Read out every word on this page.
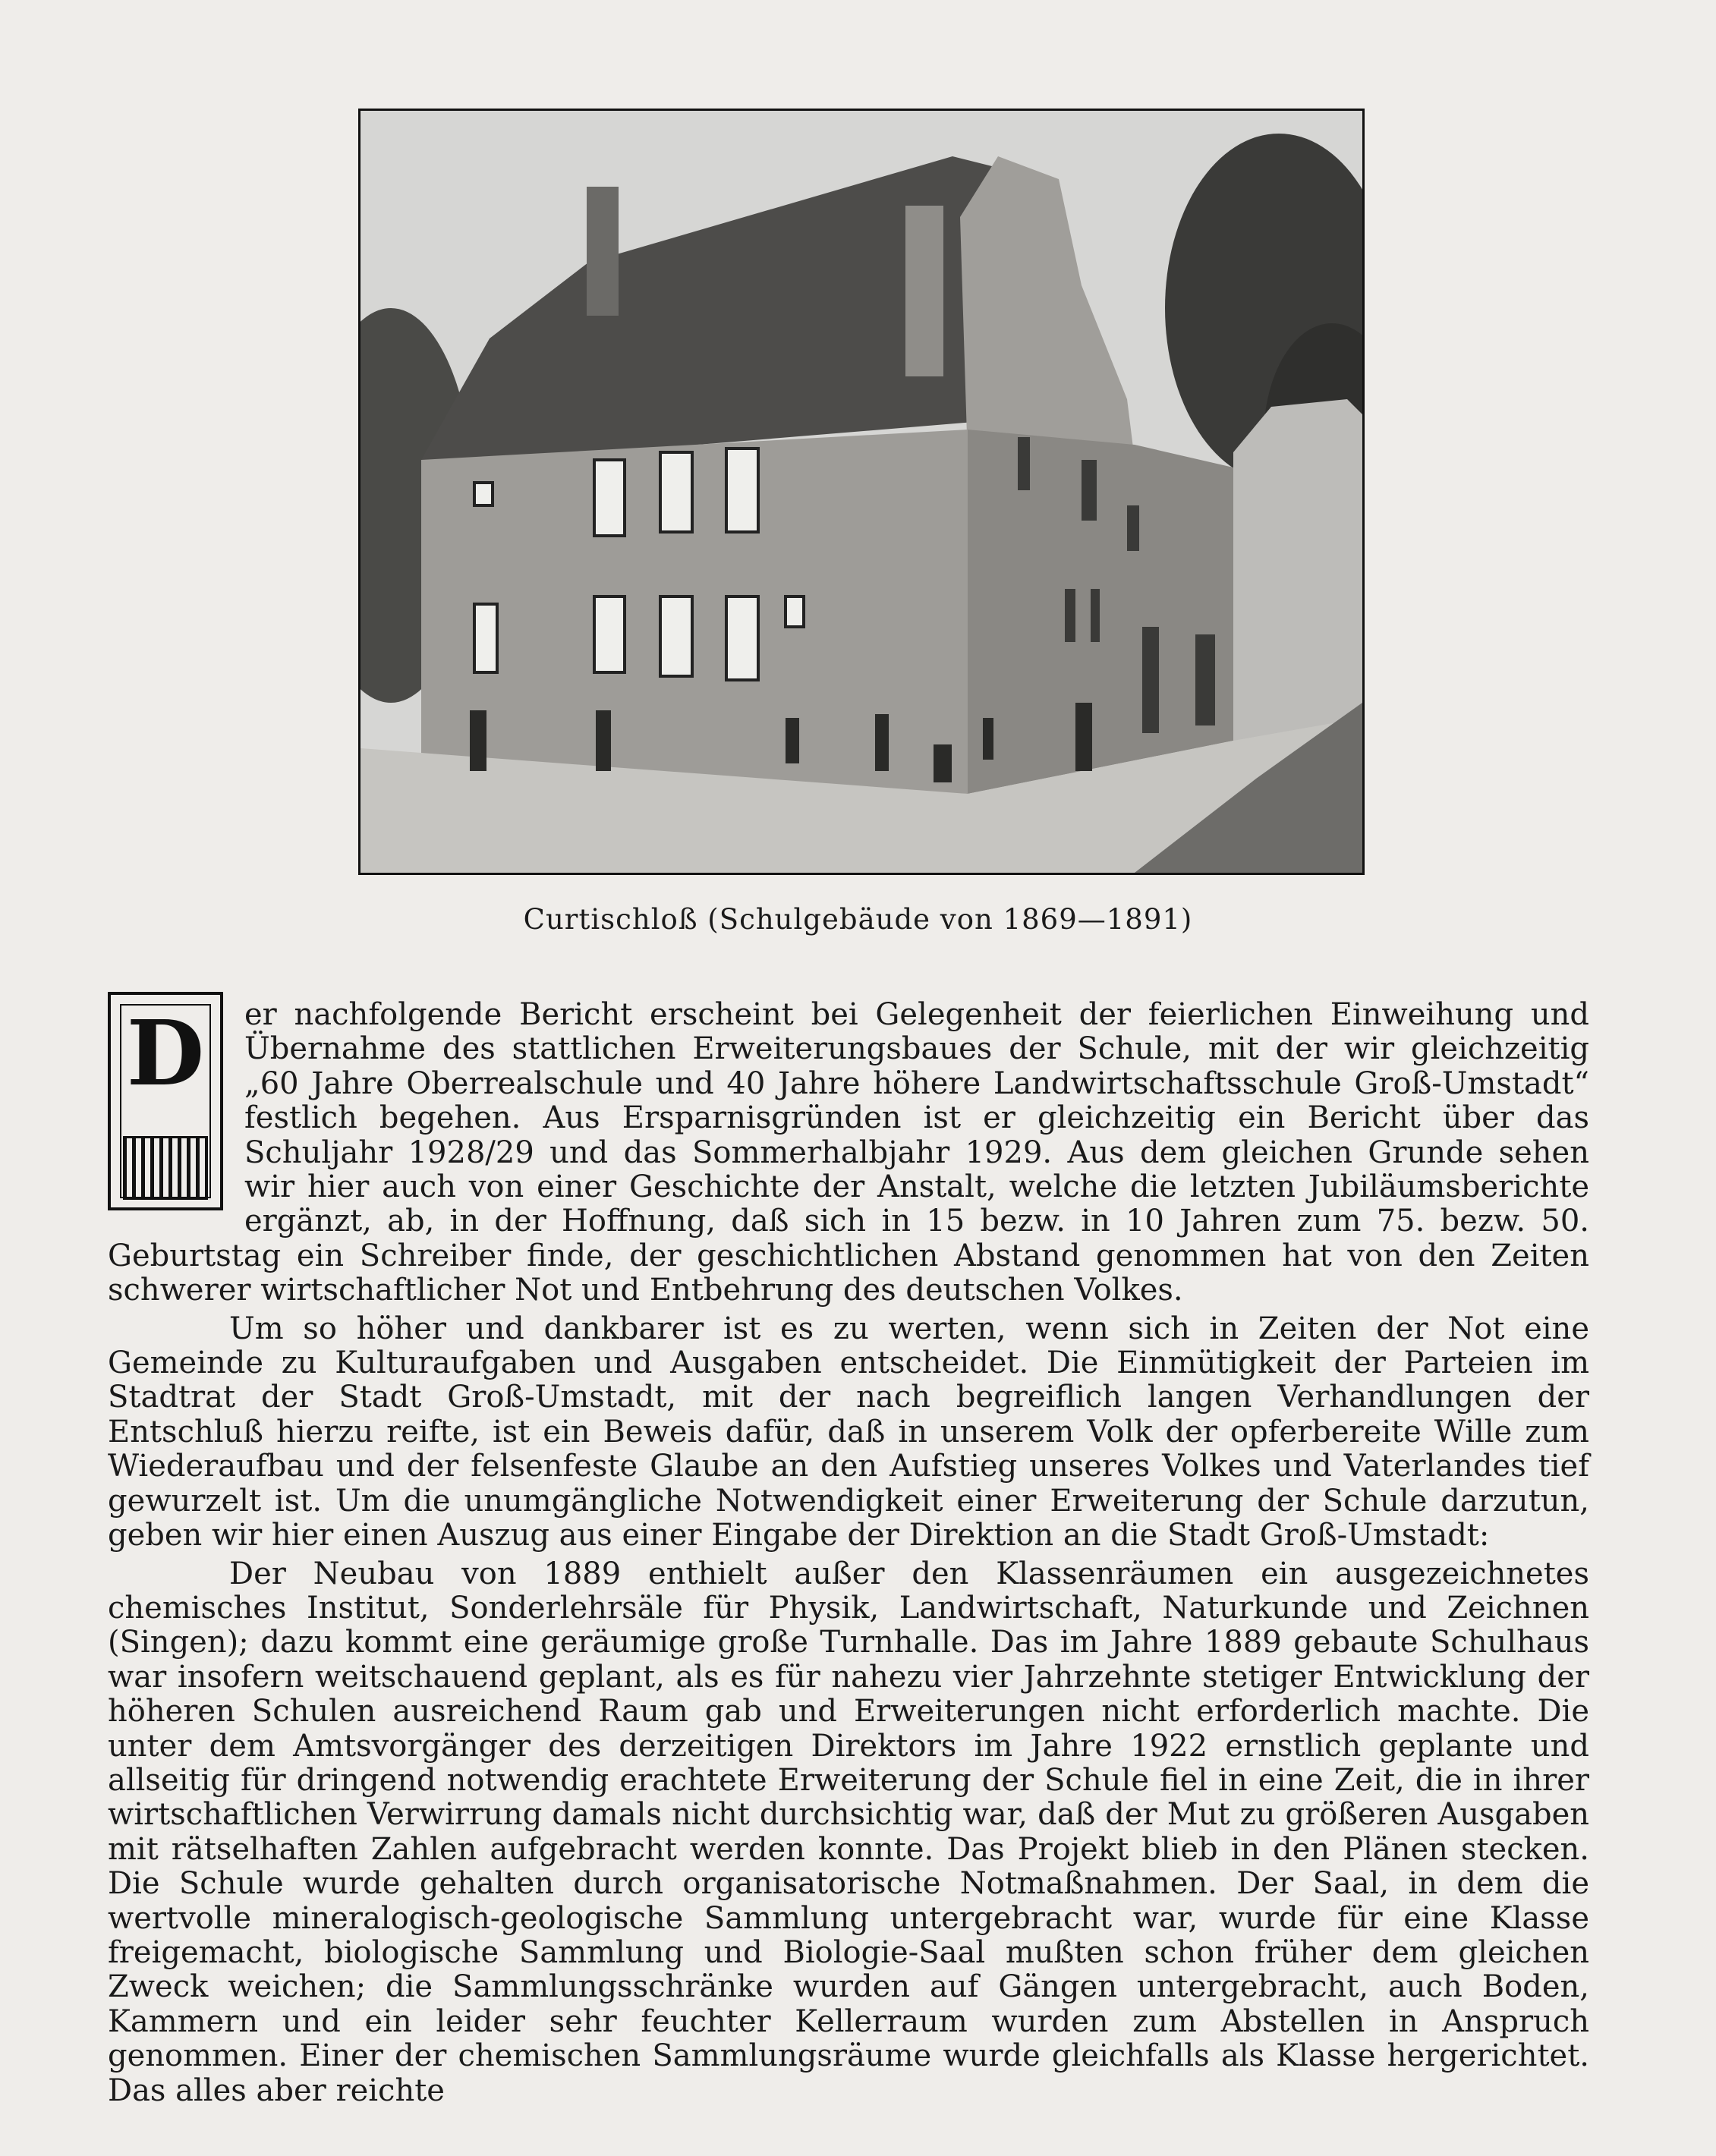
Curtischloß (Schulgebäude von 1869—1891)
D	er nachfolgende Bericht erscheint bei Gelegenheit der feierlichen Einweihung und Übernahme des stattlichen Erweiterungsbaues der Schule, mit der wir gleichzeitig „60 Jahre Oberrealschule und 40 Jahre höhere Landwirtschaftsschule Groß-Umstadt“ festlich begehen. Aus Ersparnisgründen ist er gleichzeitig ein Bericht über das Schuljahr 1928/29 und das Sommerhalbjahr 1929. Aus dem gleichen Grunde sehen wir hier auch von einer Geschichte der Anstalt, welche die letzten Jubiläumsberichte ergänzt, ab, in der Hoffnung, daß sich in 15 bezw. in 10 Jahren zum 75. bezw. 50. Geburtstag ein Schreiber finde, der geschichtlichen Abstand genommen hat von den Zeiten schwerer wirtschaftlicher Not und Entbehrung des deutschen Volkes.

Um so höher und dankbarer ist es zu werten, wenn sich in Zeiten der Not eine Gemeinde zu Kulturaufgaben und Ausgaben entscheidet. Die Einmütigkeit der Parteien im Stadtrat der Stadt Groß-Umstadt, mit der nach begreiflich langen Verhandlungen der Entschluß hierzu reifte, ist ein Beweis dafür, daß in unserem Volk der opferbereite Wille zum Wiederaufbau und der felsenfeste Glaube an den Aufstieg unseres Volkes und Vaterlandes tief gewurzelt ist. Um die unumgängliche Notwendigkeit einer Erweiterung der Schule darzutun, geben wir hier einen Auszug aus einer Eingabe der Direktion an die Stadt Groß-Umstadt:

Der Neubau von 1889 enthielt außer den Klassenräumen ein ausgezeichnetes chemisches Institut, Sonderlehrsäle für Physik, Landwirtschaft, Naturkunde und Zeichnen (Singen); dazu kommt eine geräumige große Turnhalle. Das im Jahre 1889 gebaute Schulhaus war insofern weitschauend geplant, als es für nahezu vier Jahrzehnte stetiger Entwicklung der höheren Schulen ausreichend Raum gab und Erweiterungen nicht erforderlich machte. Die unter dem Amtsvorgänger des derzeitigen Direktors im Jahre 1922 ernstlich geplante und allseitig für dringend notwendig erachtete Erweiterung der Schule fiel in eine Zeit, die in ihrer wirtschaftlichen Verwirrung damals nicht durchsichtig war, daß der Mut zu größeren Ausgaben mit rätselhaften Zahlen aufgebracht werden konnte. Das Projekt blieb in den Plänen stecken. Die Schule wurde gehalten durch organisatorische Notmaßnahmen. Der Saal, in dem die wertvolle mineralogisch-geologische Sammlung untergebracht war, wurde für eine Klasse freigemacht, biologische Sammlung und Biologie-Saal mußten schon früher dem gleichen Zweck weichen; die Sammlungsschränke wurden auf Gängen untergebracht, auch Boden, Kammern und ein leider sehr feuchter Kellerraum wurden zum Abstellen in Anspruch genommen. Einer der chemischen Sammlungsräume wurde gleichfalls als Klasse hergerichtet. Das alles aber reichte
